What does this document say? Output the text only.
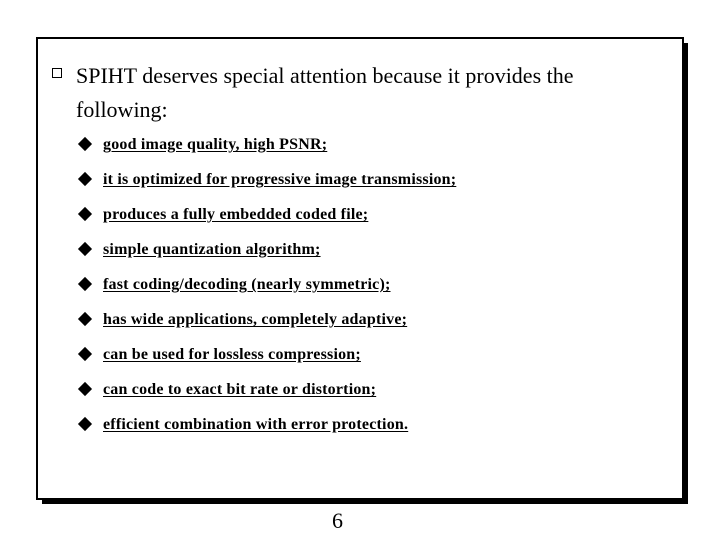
SPIHT deserves special attention because it provides the following:
good image quality, high PSNR;
it is optimized for progressive image transmission;
produces a fully embedded coded file;
simple quantization algorithm;
fast coding/decoding (nearly symmetric);
has wide applications, completely adaptive;
can be used for lossless compression;
can code to exact bit rate or distortion;
efficient combination with error protection.
6
